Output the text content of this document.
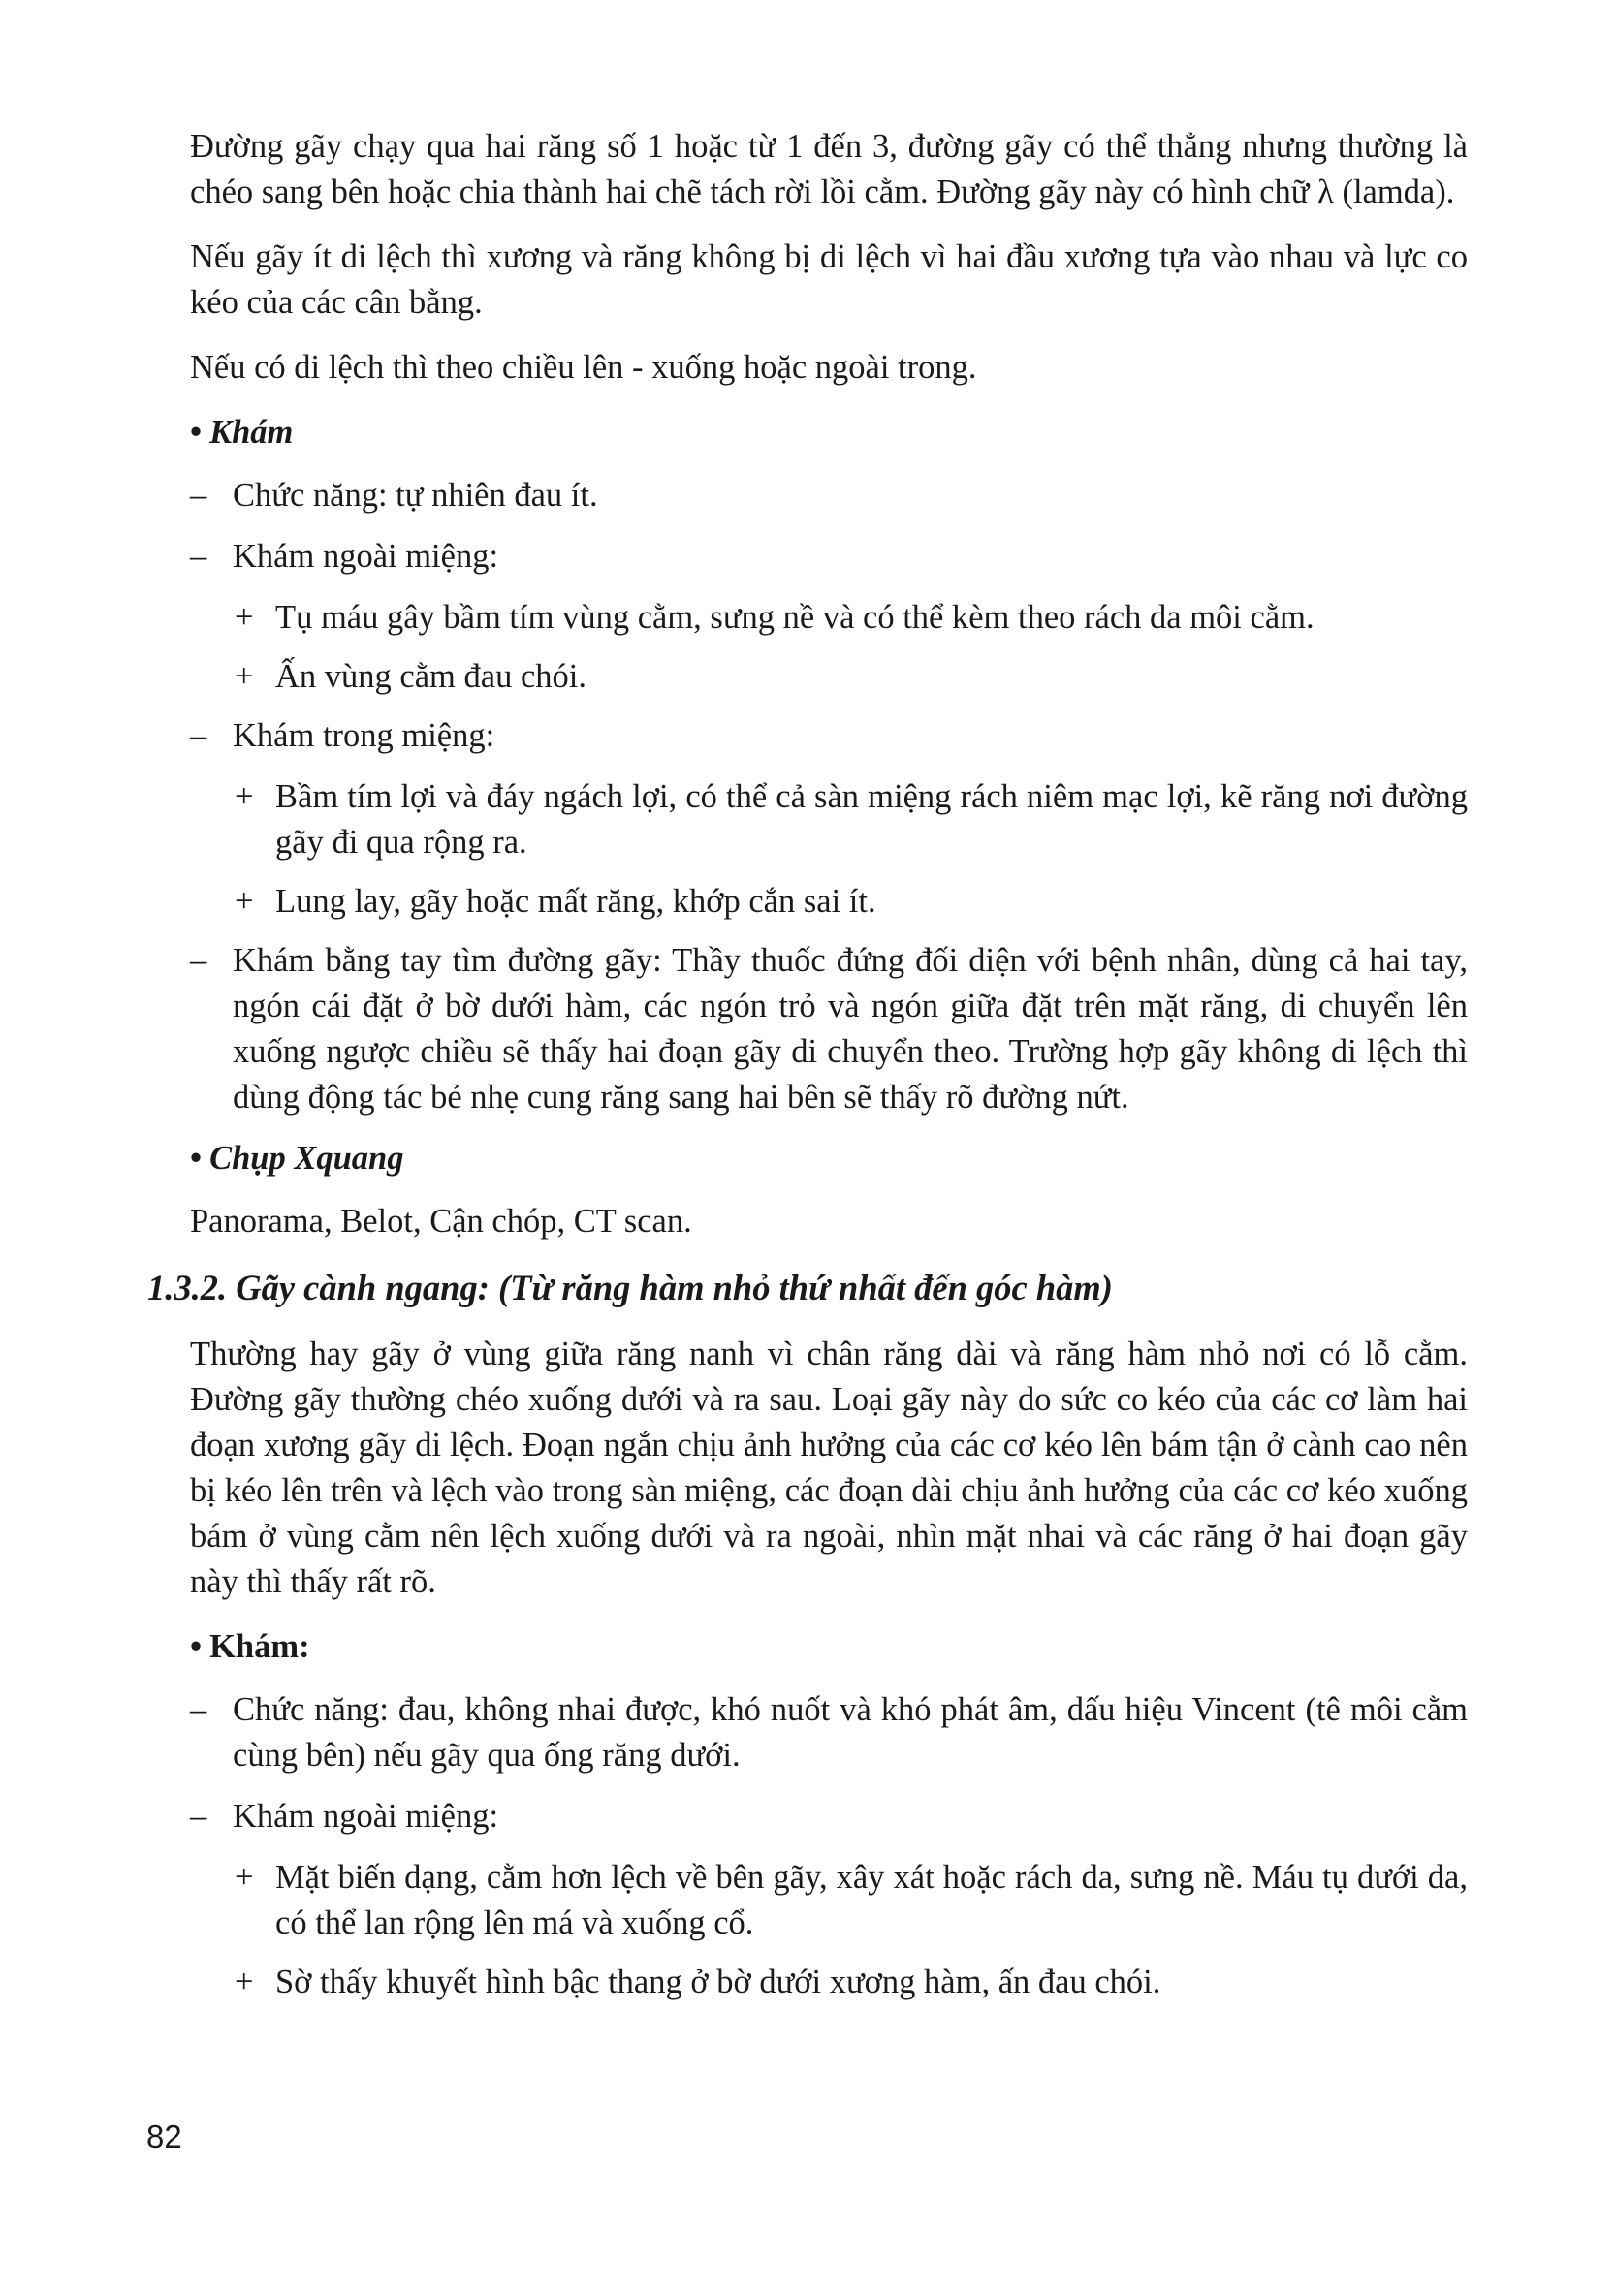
Đường gãy chạy qua hai răng số 1 hoặc từ 1 đến 3, đường gãy có thể thẳng nhưng thường là chéo sang bên hoặc chia thành hai chẽ tách rời lồi cằm. Đường gãy này có hình chữ λ (lamda).

Nếu gãy ít di lệch thì xương và răng không bị di lệch vì hai đầu xương tựa vào nhau và lực co kéo của các cân bằng.

Nếu có di lệch thì theo chiều lên - xuống hoặc ngoài trong.

• Khám
– Chức năng: tự nhiên đau ít.
– Khám ngoài miệng:
+ Tụ máu gây bầm tím vùng cằm, sưng nề và có thể kèm theo rách da môi cằm.
+ Ấn vùng cằm đau chói.
– Khám trong miệng:
+ Bầm tím lợi và đáy ngách lợi, có thể cả sàn miệng rách niêm mạc lợi, kẽ răng nơi đường gãy đi qua rộng ra.
+ Lung lay, gãy hoặc mất răng, khớp cắn sai ít.
– Khám bằng tay tìm đường gãy: Thầy thuốc đứng đối diện với bệnh nhân, dùng cả hai tay, ngón cái đặt ở bờ dưới hàm, các ngón trỏ và ngón giữa đặt trên mặt răng, di chuyển lên xuống ngược chiều sẽ thấy hai đoạn gãy di chuyển theo. Trường hợp gãy không di lệch thì dùng động tác bẻ nhẹ cung răng sang hai bên sẽ thấy rõ đường nứt.
• Chụp Xquang

Panorama, Belot, Cận chóp, CT scan.

1.3.2. Gãy cành ngang: (Từ răng hàm nhỏ thứ nhất đến góc hàm)

Thường hay gãy ở vùng giữa răng nanh vì chân răng dài và răng hàm nhỏ nơi có lỗ cằm. Đường gãy thường chéo xuống dưới và ra sau. Loại gãy này do sức co kéo của các cơ làm hai đoạn xương gãy di lệch. Đoạn ngắn chịu ảnh hưởng của các cơ kéo lên bám tận ở cành cao nên bị kéo lên trên và lệch vào trong sàn miệng, các đoạn dài chịu ảnh hưởng của các cơ kéo xuống bám ở vùng cằm nên lệch xuống dưới và ra ngoài, nhìn mặt nhai và các răng ở hai đoạn gãy này thì thấy rất rõ.

• Khám:
– Chức năng: đau, không nhai được, khó nuốt và khó phát âm, dấu hiệu Vincent (tê môi cằm cùng bên) nếu gãy qua ống răng dưới.
– Khám ngoài miệng:
+ Mặt biến dạng, cằm hơn lệch về bên gãy, xây xát hoặc rách da, sưng nề. Máu tụ dưới da, có thể lan rộng lên má và xuống cổ.
+ Sờ thấy khuyết hình bậc thang ở bờ dưới xương hàm, ấn đau chói.
82
